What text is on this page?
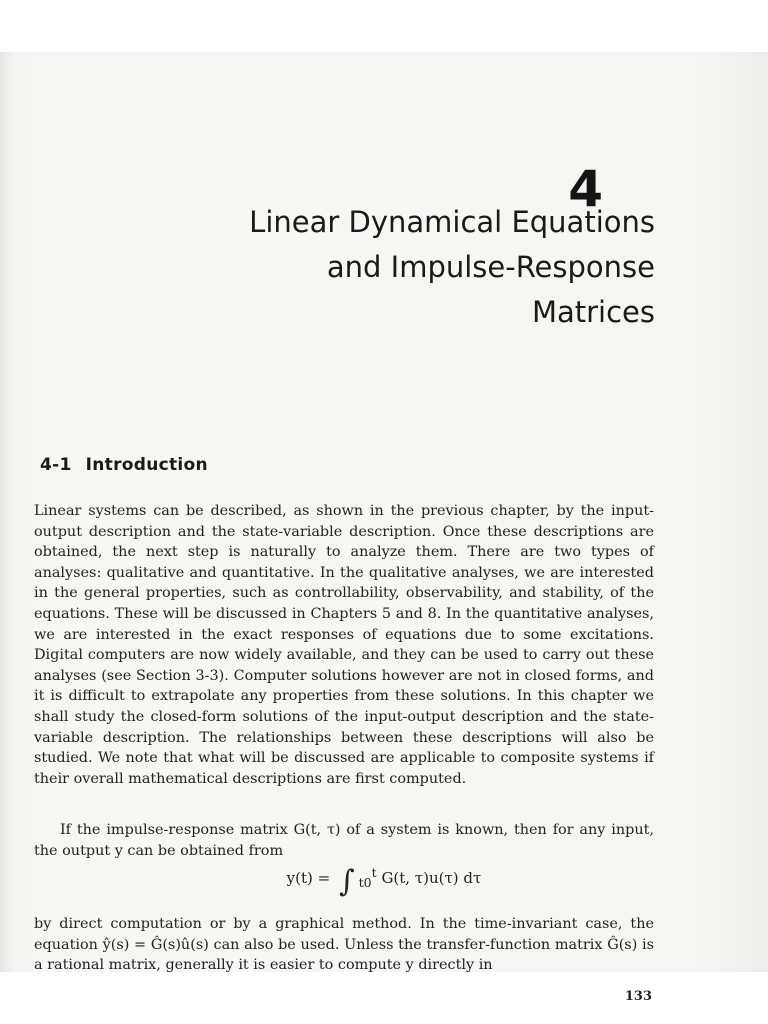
4
Linear Dynamical Equations
and Impulse-Response
Matrices
4-1 Introduction

Linear systems can be described, as shown in the previous chapter, by the input-output description and the state-variable description. Once these descriptions are obtained, the next step is naturally to analyze them. There are two types of analyses: qualitative and quantitative. In the qualitative analyses, we are interested in the general properties, such as controllability, observability, and stability, of the equations. These will be discussed in Chapters 5 and 8. In the quantitative analyses, we are interested in the exact responses of equations due to some excitations. Digital computers are now widely available, and they can be used to carry out these analyses (see Section 3-3). Computer solutions however are not in closed forms, and it is difficult to extrapolate any properties from these solutions. In this chapter we shall study the closed-form solutions of the input-output description and the state-variable description. The relationships between these descriptions will also be studied. We note that what will be discussed are applicable to composite systems if their overall mathematical descriptions are first computed.

If the impulse-response matrix G(t, τ) of a system is known, then for any input, the output y can be obtained from

y(t) = ∫ $_{t0}^t$ G(t, τ)u(τ) dτ

by direct computation or by a graphical method. In the time-invariant case, the equation ŷ(s) = Ĝ(s)û(s) can also be used. Unless the transfer-function matrix Ĝ(s) is a rational matrix, generally it is easier to compute y directly in

133
